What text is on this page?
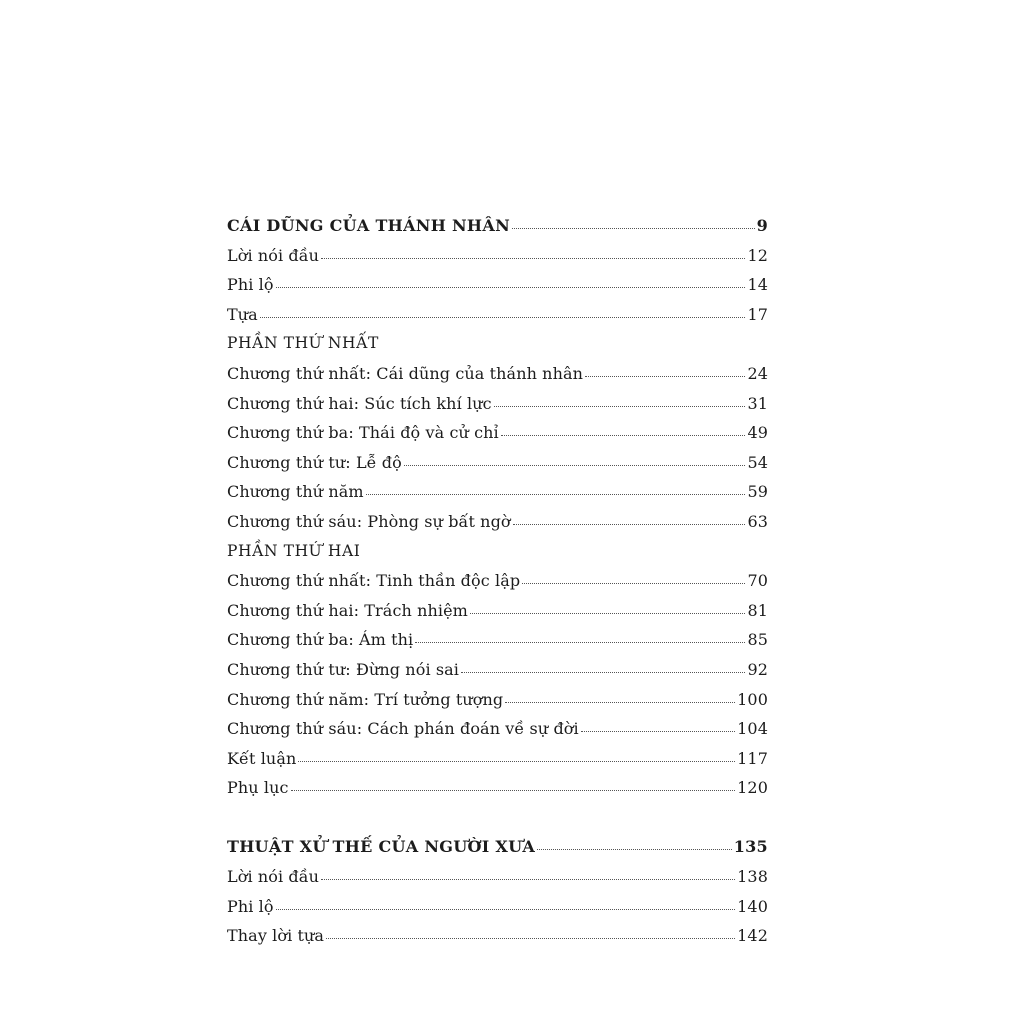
CÁI DŨNG CỦA THÁNH NHÂN	9
Lời nói đầu	12
Phi lộ	14
Tựa	17
PHẦN THỨ NHẤT
Chương thứ nhất: Cái dũng của thánh nhân	24
Chương thứ hai: Súc tích khí lực	31
Chương thứ ba: Thái độ và cử chỉ	49
Chương thứ tư: Lễ độ	54
Chương thứ năm	59
Chương thứ sáu: Phòng sự bất ngờ	63
PHẦN THỨ HAI
Chương thứ nhất: Tinh thần độc lập	70
Chương thứ hai: Trách nhiệm	81
Chương thứ ba: Ám thị	85
Chương thứ tư: Đừng nói sai	92
Chương thứ năm: Trí tưởng tượng	100
Chương thứ sáu: Cách phán đoán về sự đời	104
Kết luận	117
Phụ lục	120
THUẬT XỬ THẾ CỦA NGƯỜI XƯA	135
Lời nói đầu	138
Phi lộ	140
Thay lời tựa	142
